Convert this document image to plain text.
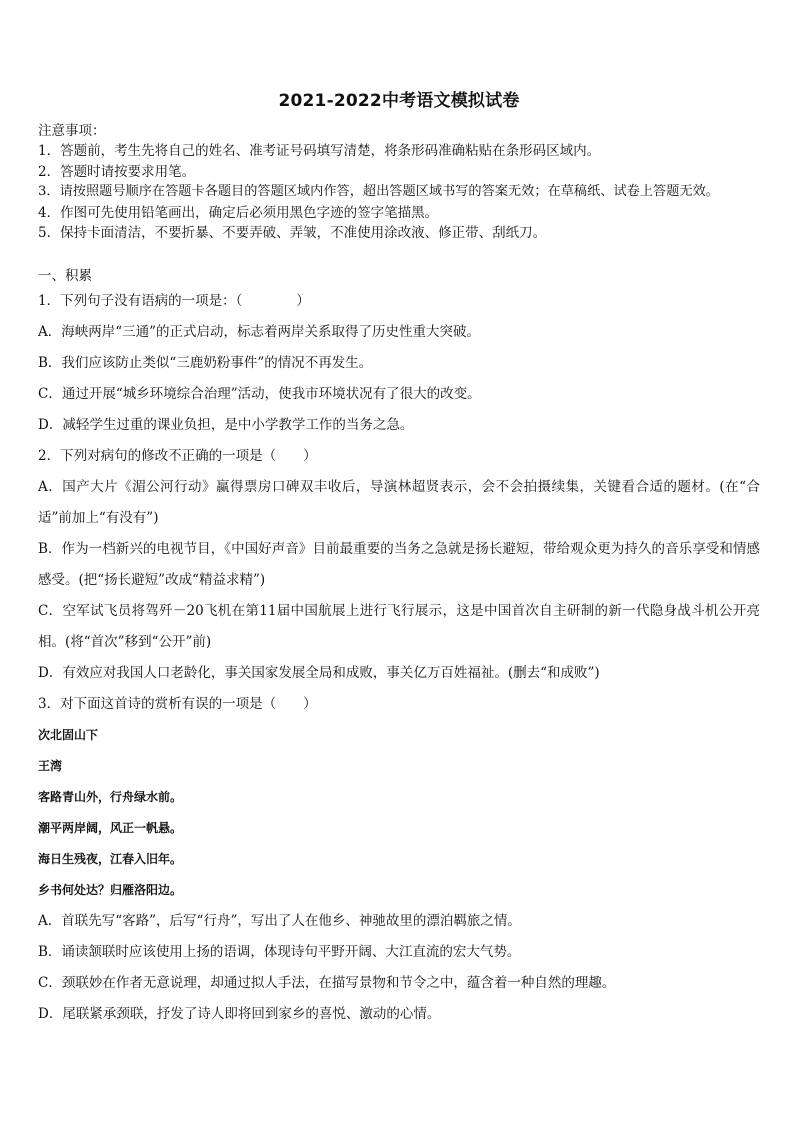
2021-2022中考语文模拟试卷
注意事项：
1．答题前，考生先将自己的姓名、准考证号码填写清楚，将条形码准确粘贴在条形码区域内。
2．答题时请按要求用笔。
3．请按照题号顺序在答题卡各题目的答题区域内作答，超出答题区域书写的答案无效；在草稿纸、试卷上答题无效。
4．作图可先使用铅笔画出，确定后必须用黑色字迹的签字笔描黑。
5．保持卡面清洁，不要折暴、不要弄破、弄皱，不准使用涂改液、修正带、刮纸刀。
一、积累
1．下列句子没有语病的一项是：（　　　　）
A．海峡两岸“三通”的正式启动，标志着两岸关系取得了历史性重大突破。
B．我们应该防止类似“三鹿奶粉事件”的情况不再发生。
C．通过开展“城乡环境综合治理”活动，使我市环境状况有了很大的改变。
D．减轻学生过重的课业负担，是中小学教学工作的当务之急。
2．下列对病句的修改不正确的一项是（　　）
A．国产大片《湄公河行动》赢得票房口碑双丰收后，导演林超贤表示，会不会拍摄续集，关键看合适的题材。(在“合适”前加上“有没有”)
B．作为一档新兴的电视节目，《中国好声音》目前最重要的当务之急就是扬长避短，带给观众更为持久的音乐享受和情感感受。(把“扬长避短”改成“精益求精”)
C．空军试飞员将驾歼－20飞机在第11届中国航展上进行飞行展示，这是中国首次自主研制的新一代隐身战斗机公开亮相。(将“首次”移到“公开”前)
D．有效应对我国人口老龄化，事关国家发展全局和成败，事关亿万百姓福祉。(删去“和成败”)
3．对下面这首诗的赏析有误的一项是（　　）
次北固山下
王湾
客路青山外，行舟绿水前。
潮平两岸阔，风正一帆悬。
海日生残夜，江春入旧年。
乡书何处达？归雁洛阳边。
A．首联先写“客路”，后写“行舟”，写出了人在他乡、神驰故里的漂泊羁旅之情。
B．诵读颔联时应该使用上扬的语调，体现诗句平野开阔、大江直流的宏大气势。
C．颈联妙在作者无意说理，却通过拟人手法，在描写景物和节令之中，蕴含着一种自然的理趣。
D．尾联紧承颈联，抒发了诗人即将回到家乡的喜悦、激动的心情。
